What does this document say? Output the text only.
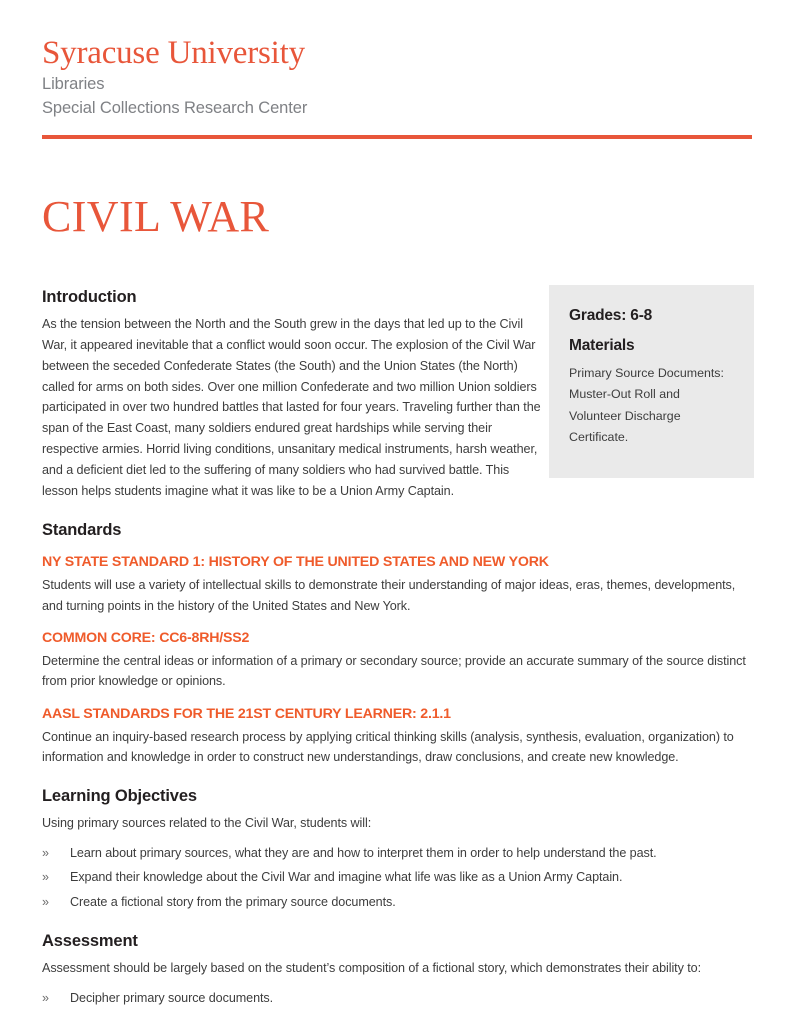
Syracuse University
Libraries
Special Collections Research Center
CIVIL WAR
Introduction

As the tension between the North and the South grew in the days that led up to the Civil War, it appeared inevitable that a conflict would soon occur. The explosion of the Civil War between the seceded Confederate States (the South) and the Union States (the North) called for arms on both sides. Over one million Confederate and two million Union soldiers participated in over two hundred battles that lasted for four years. Traveling further than the span of the East Coast, many soldiers endured great hardships while serving their respective armies. Horrid living conditions, unsanitary medical instruments, harsh weather, and a deficient diet led to the suffering of many soldiers who had survived battle. This lesson helps students imagine what it was like to be a Union Army Captain.

Grades: 6-8
Materials

Primary Source Documents: Muster-Out Roll and Volunteer Discharge Certificate.

Standards
NY STATE STANDARD 1: HISTORY OF THE UNITED STATES AND NEW YORK

Students will use a variety of intellectual skills to demonstrate their understanding of major ideas, eras, themes, developments, and turning points in the history of the United States and New York.

COMMON CORE: CC6-8RH/SS2

Determine the central ideas or information of a primary or secondary source; provide an accurate summary of the source distinct from prior knowledge or opinions.

AASL STANDARDS FOR THE 21ST CENTURY LEARNER: 2.1.1

Continue an inquiry-based research process by applying critical thinking skills (analysis, synthesis, evaluation, organization) to information and knowledge in order to construct new understandings, draw conclusions, and create new knowledge.

Learning Objectives

Using primary sources related to the Civil War, students will:

»	Learn about primary sources, what they are and how to interpret them in order to help understand the past.
»	Expand their knowledge about the Civil War and imagine what life was like as a Union Army Captain.
»	Create a fictional story from the primary source documents.
Assessment

Assessment should be largely based on the student’s composition of a fictional story, which demonstrates their ability to:

»	Decipher primary source documents.
